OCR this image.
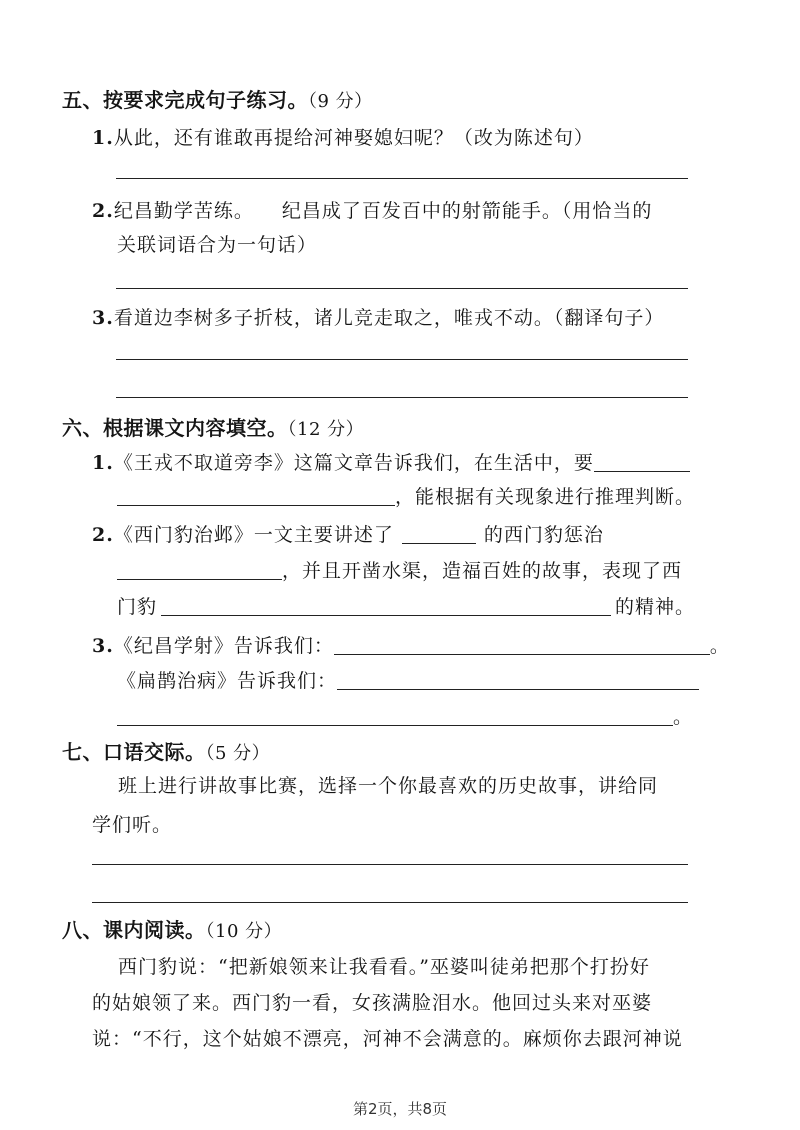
五、按要求完成句子练习。（9 分）
1.从此，还有谁敢再提给河神娶媳妇呢？（改为陈述句）
2.纪昌勤学苦练。 纪昌成了百发百中的射箭能手。（用恰当的
关联词语合为一句话）
3.看道边李树多子折枝，诸儿竞走取之，唯戎不动。（翻译句子）
六、根据课文内容填空。（12 分）
1.《王戎不取道旁李》这篇文章告诉我们，在生活中，要
，能根据有关现象进行推理判断。
2.《西门豹治邺》一文主要讲述了	的西门豹惩治
，并且开凿水渠，造福百姓的故事，表现了西
门豹	的精神。
3.《纪昌学射》告诉我们：	。
《扁鹊治病》告诉我们：
。
七、口语交际。（5 分）
班上进行讲故事比赛，选择一个你最喜欢的历史故事，讲给同
学们听。
八、课内阅读。（10 分）
西门豹说：“把新娘领来让我看看。”巫婆叫徒弟把那个打扮好
的姑娘领了来。西门豹一看，女孩满脸泪水。他回过头来对巫婆
说：“不行，这个姑娘不漂亮，河神不会满意的。麻烦你去跟河神说
第2页，共8页
